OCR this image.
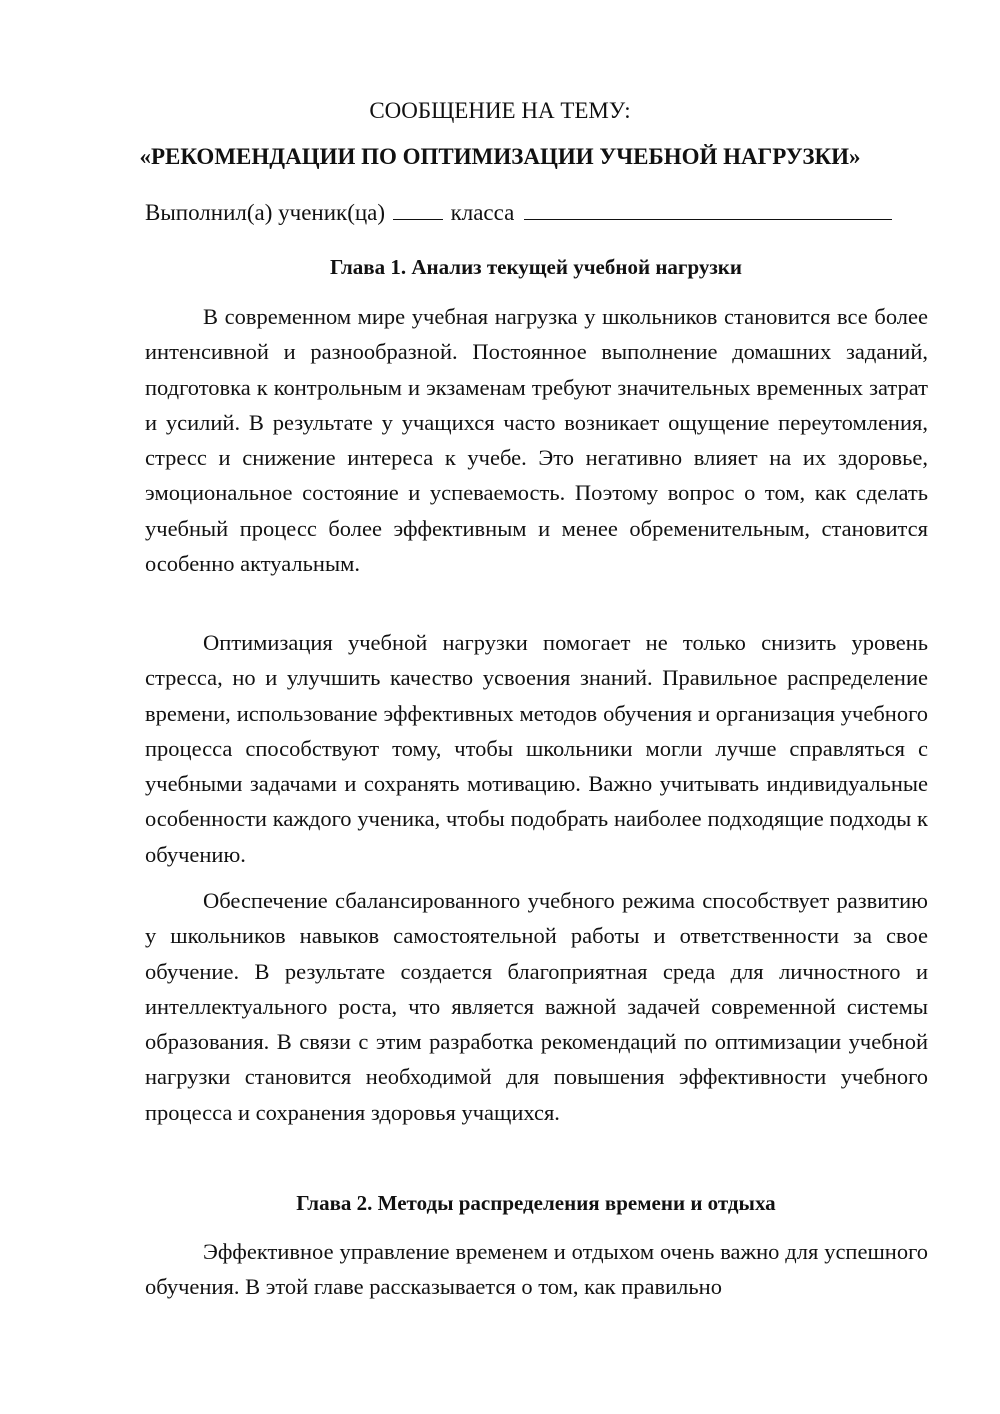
СООБЩЕНИЕ НА ТЕМУ:
«РЕКОМЕНДАЦИИ ПО ОПТИМИЗАЦИИ УЧЕБНОЙ НАГРУЗКИ»
Выполнил(а) ученик(ца)	класса
Глава 1. Анализ текущей учебной нагрузки

В современном мире учебная нагрузка у школьников становится все более интенсивной и разнообразной. Постоянное выполнение домашних заданий, подготовка к контрольным и экзаменам требуют значительных временных затрат и усилий. В результате у учащихся часто возникает ощущение переутомления, стресс и снижение интереса к учебе. Это негативно влияет на их здоровье, эмоциональное состояние и успеваемость. Поэтому вопрос о том, как сделать учебный процесс более эффективным и менее обременительным, становится особенно актуальным.

Оптимизация учебной нагрузки помогает не только снизить уровень стресса, но и улучшить качество усвоения знаний. Правильное распределение времени, использование эффективных методов обучения и организация учебного процесса способствуют тому, чтобы школьники могли лучше справляться с учебными задачами и сохранять мотивацию. Важно учитывать индивидуальные особенности каждого ученика, чтобы подобрать наиболее подходящие подходы к обучению.

Обеспечение сбалансированного учебного режима способствует развитию у школьников навыков самостоятельной работы и ответственности за свое обучение. В результате создается благоприятная среда для личностного и интеллектуального роста, что является важной задачей современной системы образования. В связи с этим разработка рекомендаций по оптимизации учебной нагрузки становится необходимой для повышения эффективности учебного процесса и сохранения здоровья учащихся.

Глава 2. Методы распределения времени и отдыха

Эффективное управление временем и отдыхом очень важно для успешного обучения. В этой главе рассказывается о том, как правильно
